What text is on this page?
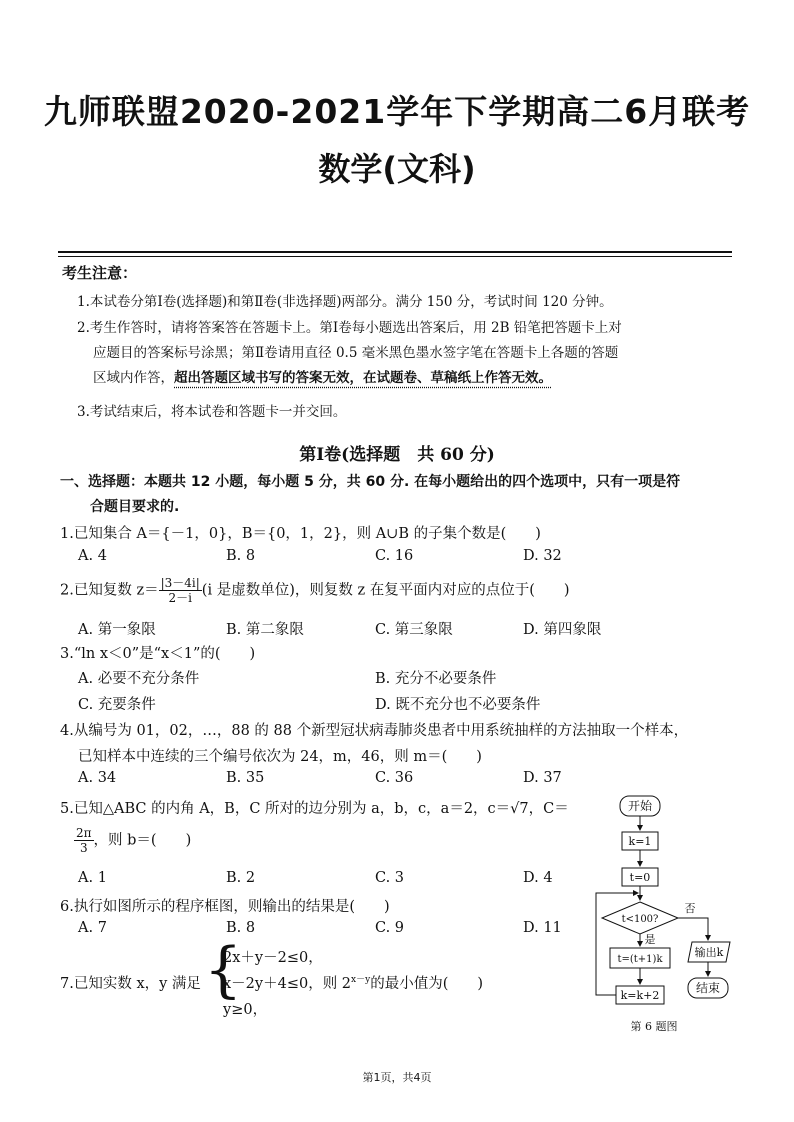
九师联盟2020-2021学年下学期高二6月联考
数学(文科)
考生注意：
1.本试卷分第Ⅰ卷(选择题)和第Ⅱ卷(非选择题)两部分。满分 150 分，考试时间 120 分钟。
2.考生作答时，请将答案答在答题卡上。第Ⅰ卷每小题选出答案后，用 2B 铅笔把答题卡上对
应题目的答案标号涂黑；第Ⅱ卷请用直径 0.5 毫米黑色墨水签字笔在答题卡上各题的答题
区域内作答，超出答题区域书写的答案无效，在试题卷、草稿纸上作答无效。
3.考试结束后，将本试卷和答题卡一并交回。
第Ⅰ卷(选择题　共 60 分)
一、选择题：本题共 12 小题，每小题 5 分，共 60 分. 在每小题给出的四个选项中，只有一项是符
合题目要求的.
1.已知集合 A＝{－1，0}，B＝{0，1，2}，则 A∪B 的子集个数是(　　)
A. 4	B. 8	C. 16	D. 32
2.已知复数 $z= \frac{|3-4i|}{2-i} (i$ 是虚数单位)，则复数 z 在复平面内对应的点位于(　　)
A. 第一象限	B. 第二象限	C. 第三象限	D. 第四象限
3.“ln x＜0”是“x＜1”的(　　)
A. 必要不充分条件	B. 充分不必要条件
C. 充要条件	D. 既不充分也不必要条件
4.从编号为 01，02，…，88 的 88 个新型冠状病毒肺炎患者中用系统抽样的方法抽取一个样本，
已知样本中连续的三个编号依次为 24，m，46，则 m＝(　　)
A. 34	B. 35	C. 36	D. 37
5.已知△ABC 的内角 A，B，C 所对的边分别为 a，b，c，a＝2，c＝√7，C＝
$\frac{2\pi}{3}$ ，则 b＝(　　)
A. 1	B. 2	C. 3	D. 4
6.执行如图所示的程序框图，则输出的结果是(　　)
A. 7	B. 8	C. 9	D. 11
7.已知实数 x，y 满足 {
2x＋y－2≤0，
x－2y＋4≤0，则 $2^{x-y}$的最小值为(　　)
y≥0，
开始
k=1
t=0
t<100?
是
否
t=(t+1)k
k=k+2
输出k
结束
第 6 题图
第1页，共4页
